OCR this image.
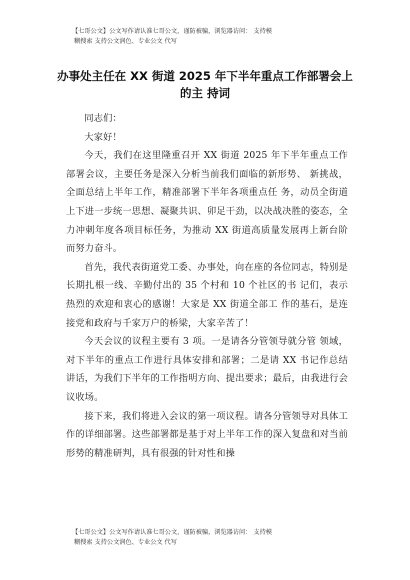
【七哥公文】公文写作请认准七哥公文，谨防被骗，浏览器访问： 支持模
糊搜索 支持公文润色、专业公文 代写
办事处主任在 XX 街道 2025 年下半年重点工作部署会上的主 持词

同志们：

大家好！

今天，我们在这里隆重召开 XX 街道 2025 年下半年重点工作部署会议，主要任务是深入分析当前我们面临的新形势、 新挑战，全面总结上半年工作，精准部署下半年各项重点任 务，动员全街道上下进一步统一思想、凝聚共识、卯足干劲，以决战决胜的姿态，全力冲刺年度各项目标任务，为推动 XX 街道高质量发展再上新台阶而努力奋斗。

首先，我代表街道党工委、办事处，向在座的各位同志，特别是长期扎根一线、辛勤付出的 35 个村和 10 个社区的书 记们，表示热烈的欢迎和衷心的感谢！大家是 XX 街道全部工 作的基石，是连接党和政府与千家万户的桥梁，大家辛苦了！

今天会议的议程主要有 3 项。一是请各分管领导就分管 领域，对下半年的重点工作进行具体安排和部署；二是请 XX 书记作总结讲话，为我们下半年的工作指明方向、提出要求；最后，由我进行会议收场。

接下来，我们将进入会议的第一项议程。请各分管领导对具体工作的详细部署。这些部署都是基于对上半年工作的深入复盘和对当前形势的精准研判，具有很强的针对性和操

【七哥公文】公文写作请认准七哥公文，谨防被骗，浏览器访问： 支持模
糊搜索 支持公文润色、专业公文 代写
